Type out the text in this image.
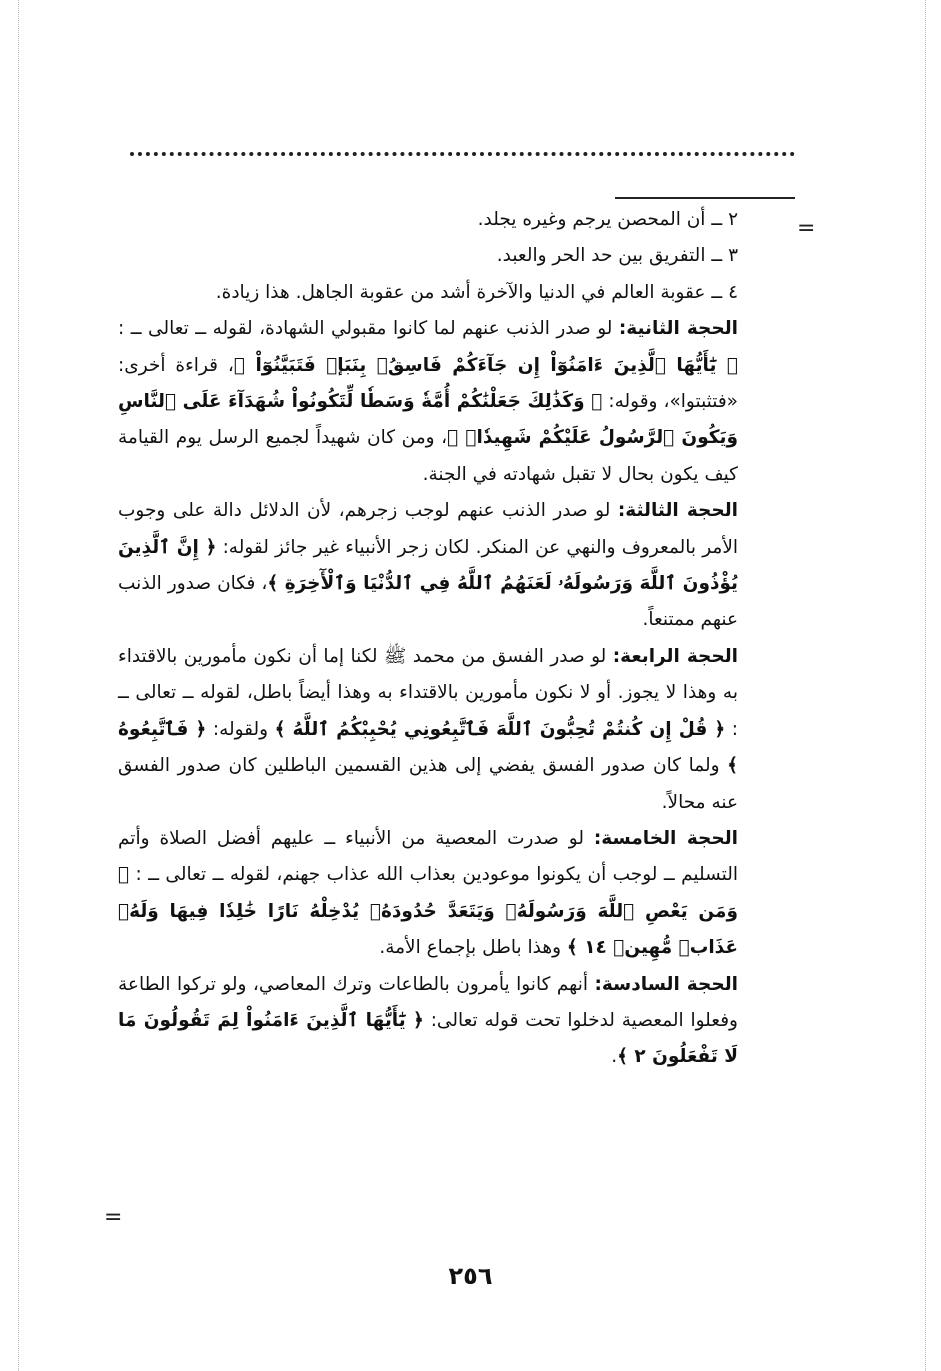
=
=

٢ ــ أن المحصن يرجم وغيره يجلد.

٣ ــ التفريق بين حد الحر والعبد.

٤ ــ عقوبة العالم في الدنيا والآخرة أشد من عقوبة الجاهل. هذا زيادة.

الحجة الثانية: لو صدر الذنب عنهم لما كانوا مقبولي الشهادة، لقوله ــ تعالى ــ : ﴿ يَٰٓأَيُّهَا ٱلَّذِينَ ءَامَنُوٓاْ إِن جَآءَكُمْ فَاسِقُۢ بِنَبَإٖ فَتَبَيَّنُوٓاْ ﴾، قراءة أخرى: «فتثبتوا»، وقوله: ﴿ وَكَذَٰلِكَ جَعَلْنَٰكُمْ أُمَّةٗ وَسَطٗا لِّتَكُونُواْ شُهَدَآءَ عَلَى ٱلنَّاسِ وَيَكُونَ ٱلرَّسُولُ عَلَيْكُمْ شَهِيدٗاۗ ﴾، ومن كان شهيداً لجميع الرسل يوم القيامة كيف يكون بحال لا تقبل شهادته في الجنة.

الحجة الثالثة: لو صدر الذنب عنهم لوجب زجرهم، لأن الدلائل دالة على وجوب الأمر بالمعروف والنهي عن المنكر. لكان زجر الأنبياء غير جائز لقوله: ﴿ إِنَّ ٱلَّذِينَ يُؤْذُونَ ٱللَّهَ وَرَسُولَهُۥ لَعَنَهُمُ ٱللَّهُ فِي ٱلدُّنْيَا وَٱلْأٓخِرَةِ ﴾، فكان صدور الذنب عنهم ممتنعاً.

الحجة الرابعة: لو صدر الفسق من محمد ﷺ لكنا إما أن نكون مأمورين بالاقتداء به وهذا لا يجوز. أو لا نكون مأمورين بالاقتداء به وهذا أيضاً باطل، لقوله ــ تعالى ــ : ﴿ قُلْ إِن كُنتُمْ تُحِبُّونَ ٱللَّهَ فَٱتَّبِعُونِي يُحْبِبْكُمُ ٱللَّهُ ﴾ ولقوله: ﴿ فَٱتَّبِعُوهُ ﴾ ولما كان صدور الفسق يفضي إلى هذين القسمين الباطلين كان صدور الفسق عنه محالاً.

الحجة الخامسة: لو صدرت المعصية من الأنبياء ــ عليهم أفضل الصلاة وأتم التسليم ــ لوجب أن يكونوا موعودين بعذاب الله عذاب جهنم، لقوله ــ تعالى ــ : ﴿ وَمَن يَعْصِ ٱللَّهَ وَرَسُولَهُۥ وَيَتَعَدَّ حُدُودَهُۥ يُدْخِلْهُ نَارًا خَٰلِدٗا فِيهَا وَلَهُۥ عَذَابٞ مُّهِينٞ ١٤ ﴾ وهذا باطل بإجماع الأمة.

الحجة السادسة: أنهم كانوا يأمرون بالطاعات وترك المعاصي، ولو تركوا الطاعة وفعلوا المعصية لدخلوا تحت قوله تعالى: ﴿ يَٰٓأَيُّهَا ٱلَّذِينَ ءَامَنُواْ لِمَ تَقُولُونَ مَا لَا تَفْعَلُونَ ٢ ﴾.

٢٥٦
